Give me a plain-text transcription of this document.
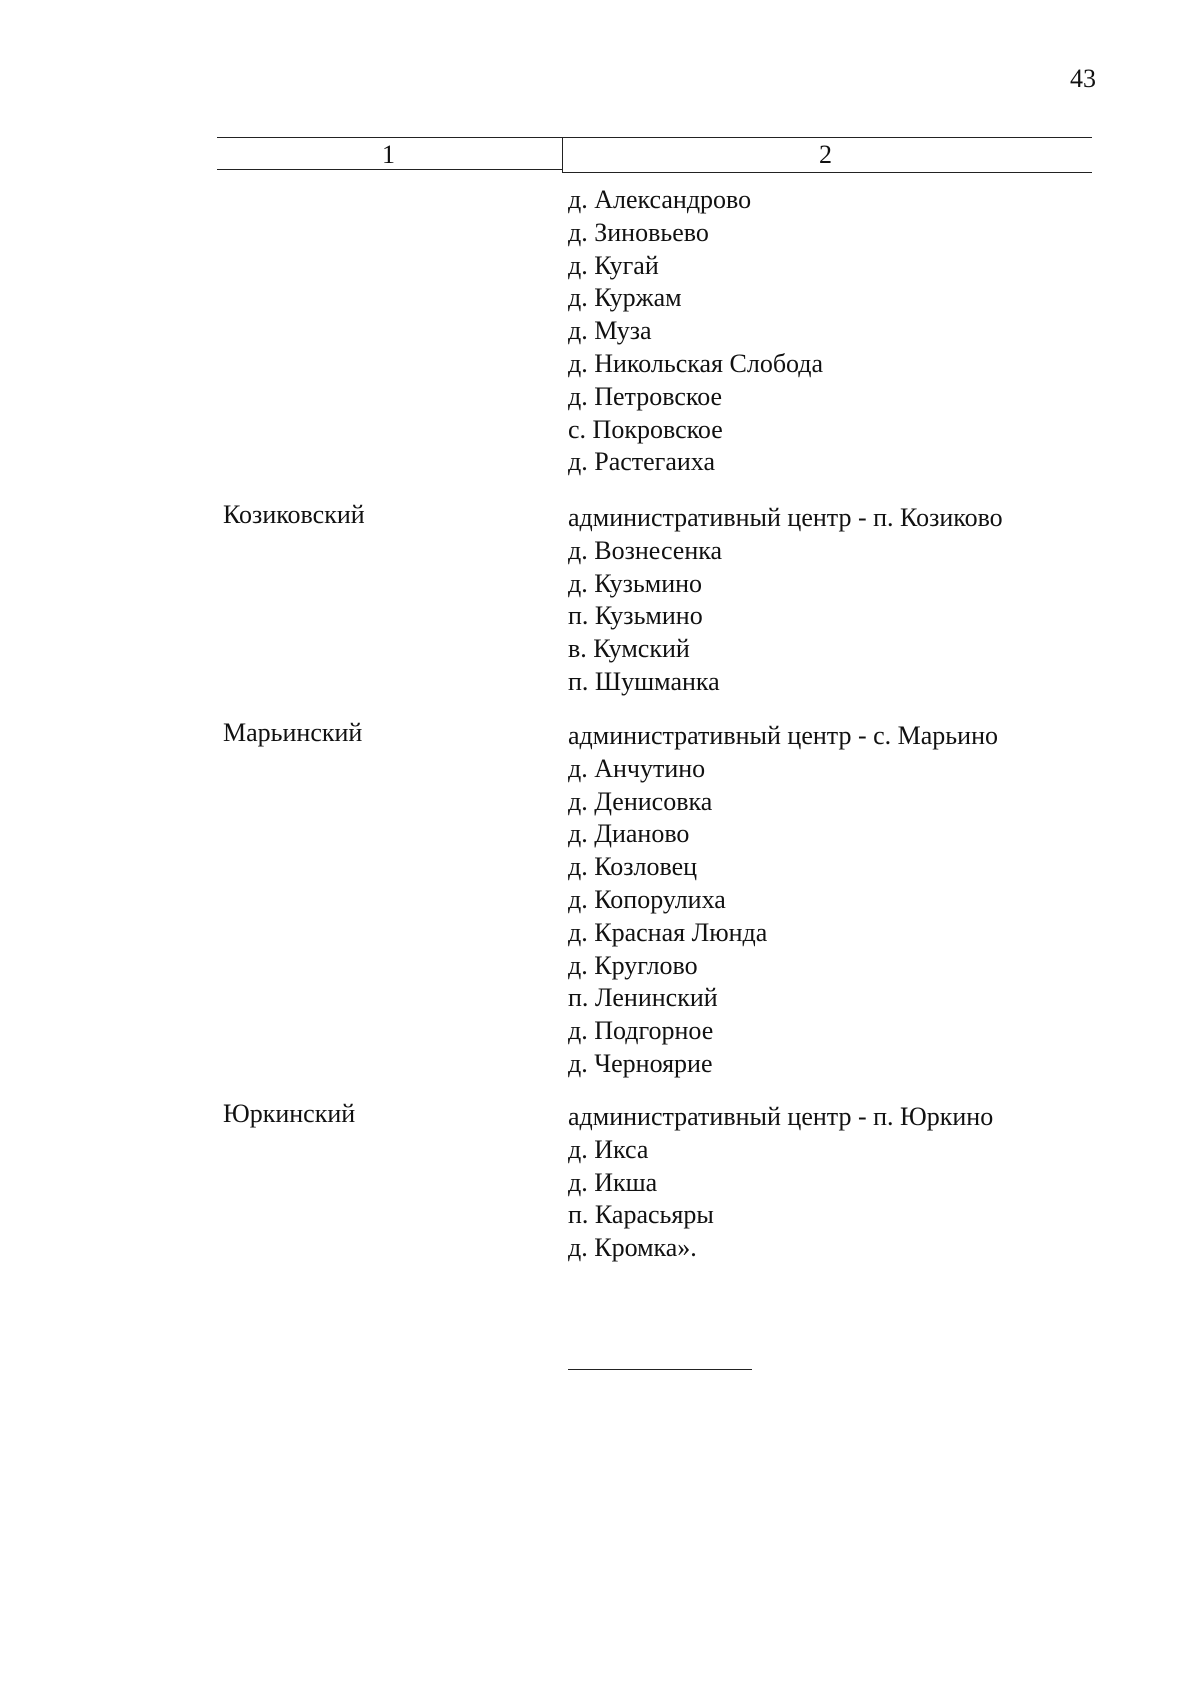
43
1	2
д. Александрово
д. Зиновьево
д. Кугай
д. Куржам
д. Муза
д. Никольская Слобода
д. Петровское
с. Покровское
д. Растегаиха
Козиковский	административный центр - п. Козиково
д. Вознесенка
д. Кузьмино
п. Кузьмино
в. Кумский
п. Шушманка
Марьинский	административный центр - с. Марьино
д. Анчутино
д. Денисовка
д. Дианово
д. Козловец
д. Копорулиха
д. Красная Люнда
д. Круглово
п. Ленинский
д. Подгорное
д. Черноярие
Юркинский	административный центр - п. Юркино
д. Икса
д. Икша
п. Карасьяры
д. Кромка».
